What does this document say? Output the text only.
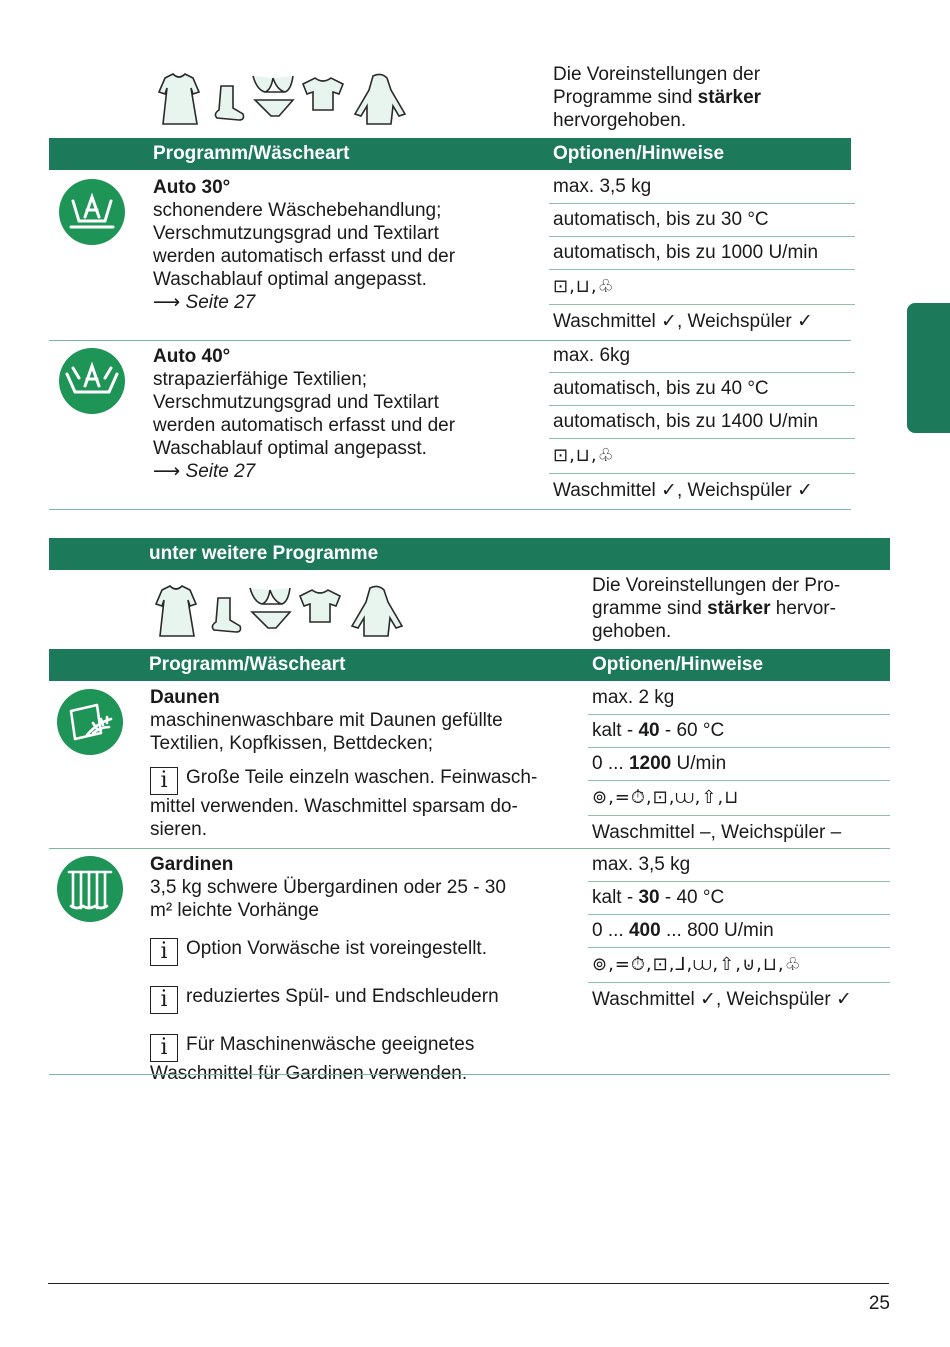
Die Voreinstellungen der
Programme sind stärker
hervorgehoben.
Programm/Wäscheart	Optionen/Hinweise
Auto 30°
schonendere Wäschebehandlung;
Verschmutzungsgrad und Textilart
werden automatisch erfasst und der
Waschablauf optimal angepasst.
⟶ Seite 27
max. 3,5 kg
automatisch, bis zu 30 °C
automatisch, bis zu 1000 U/min
⊡,⊔,♧
Waschmittel ✓, Weichspüler ✓
Auto 40°
strapazierfähige Textilien;
Verschmutzungsgrad und Textilart
werden automatisch erfasst und der
Waschablauf optimal angepasst.
⟶ Seite 27
max. 6kg
automatisch, bis zu 40 °C
automatisch, bis zu 1400 U/min
⊡,⊔,♧
Waschmittel ✓, Weichspüler ✓
unter weitere Programme
Die Voreinstellungen der Pro-
gramme sind stärker hervor-
gehoben.
Programm/Wäscheart	Optionen/Hinweise
Daunen
maschinenwaschbare mit Daunen gefüllte
Textilien, Kopfkissen, Bettdecken;
i Große Teile einzeln waschen. Feinwasch-
mittel verwenden. Waschmittel sparsam do-
sieren.
max. 2 kg
kalt - 40 - 60 °C
0 ... 1200 U/min
⊚,=⏱,⊡,⩊,⇧,⊔
Waschmittel –, Weichspüler –
Gardinen
3,5 kg schwere Übergardinen oder 25 - 30
m² leichte Vorhänge
i Option Vorwäsche ist voreingestellt.
i reduziertes Spül- und Endschleudern
i Für Maschinenwäsche geeignetes
Waschmittel für Gardinen verwenden.
max. 3,5 kg
kalt - 30 - 40 °C
0 ... 400 ... 800 U/min
⊚,=⏱,⊡,⅃,⩊,⇧,⊍,⊔,♧
Waschmittel ✓, Weichspüler ✓
25
